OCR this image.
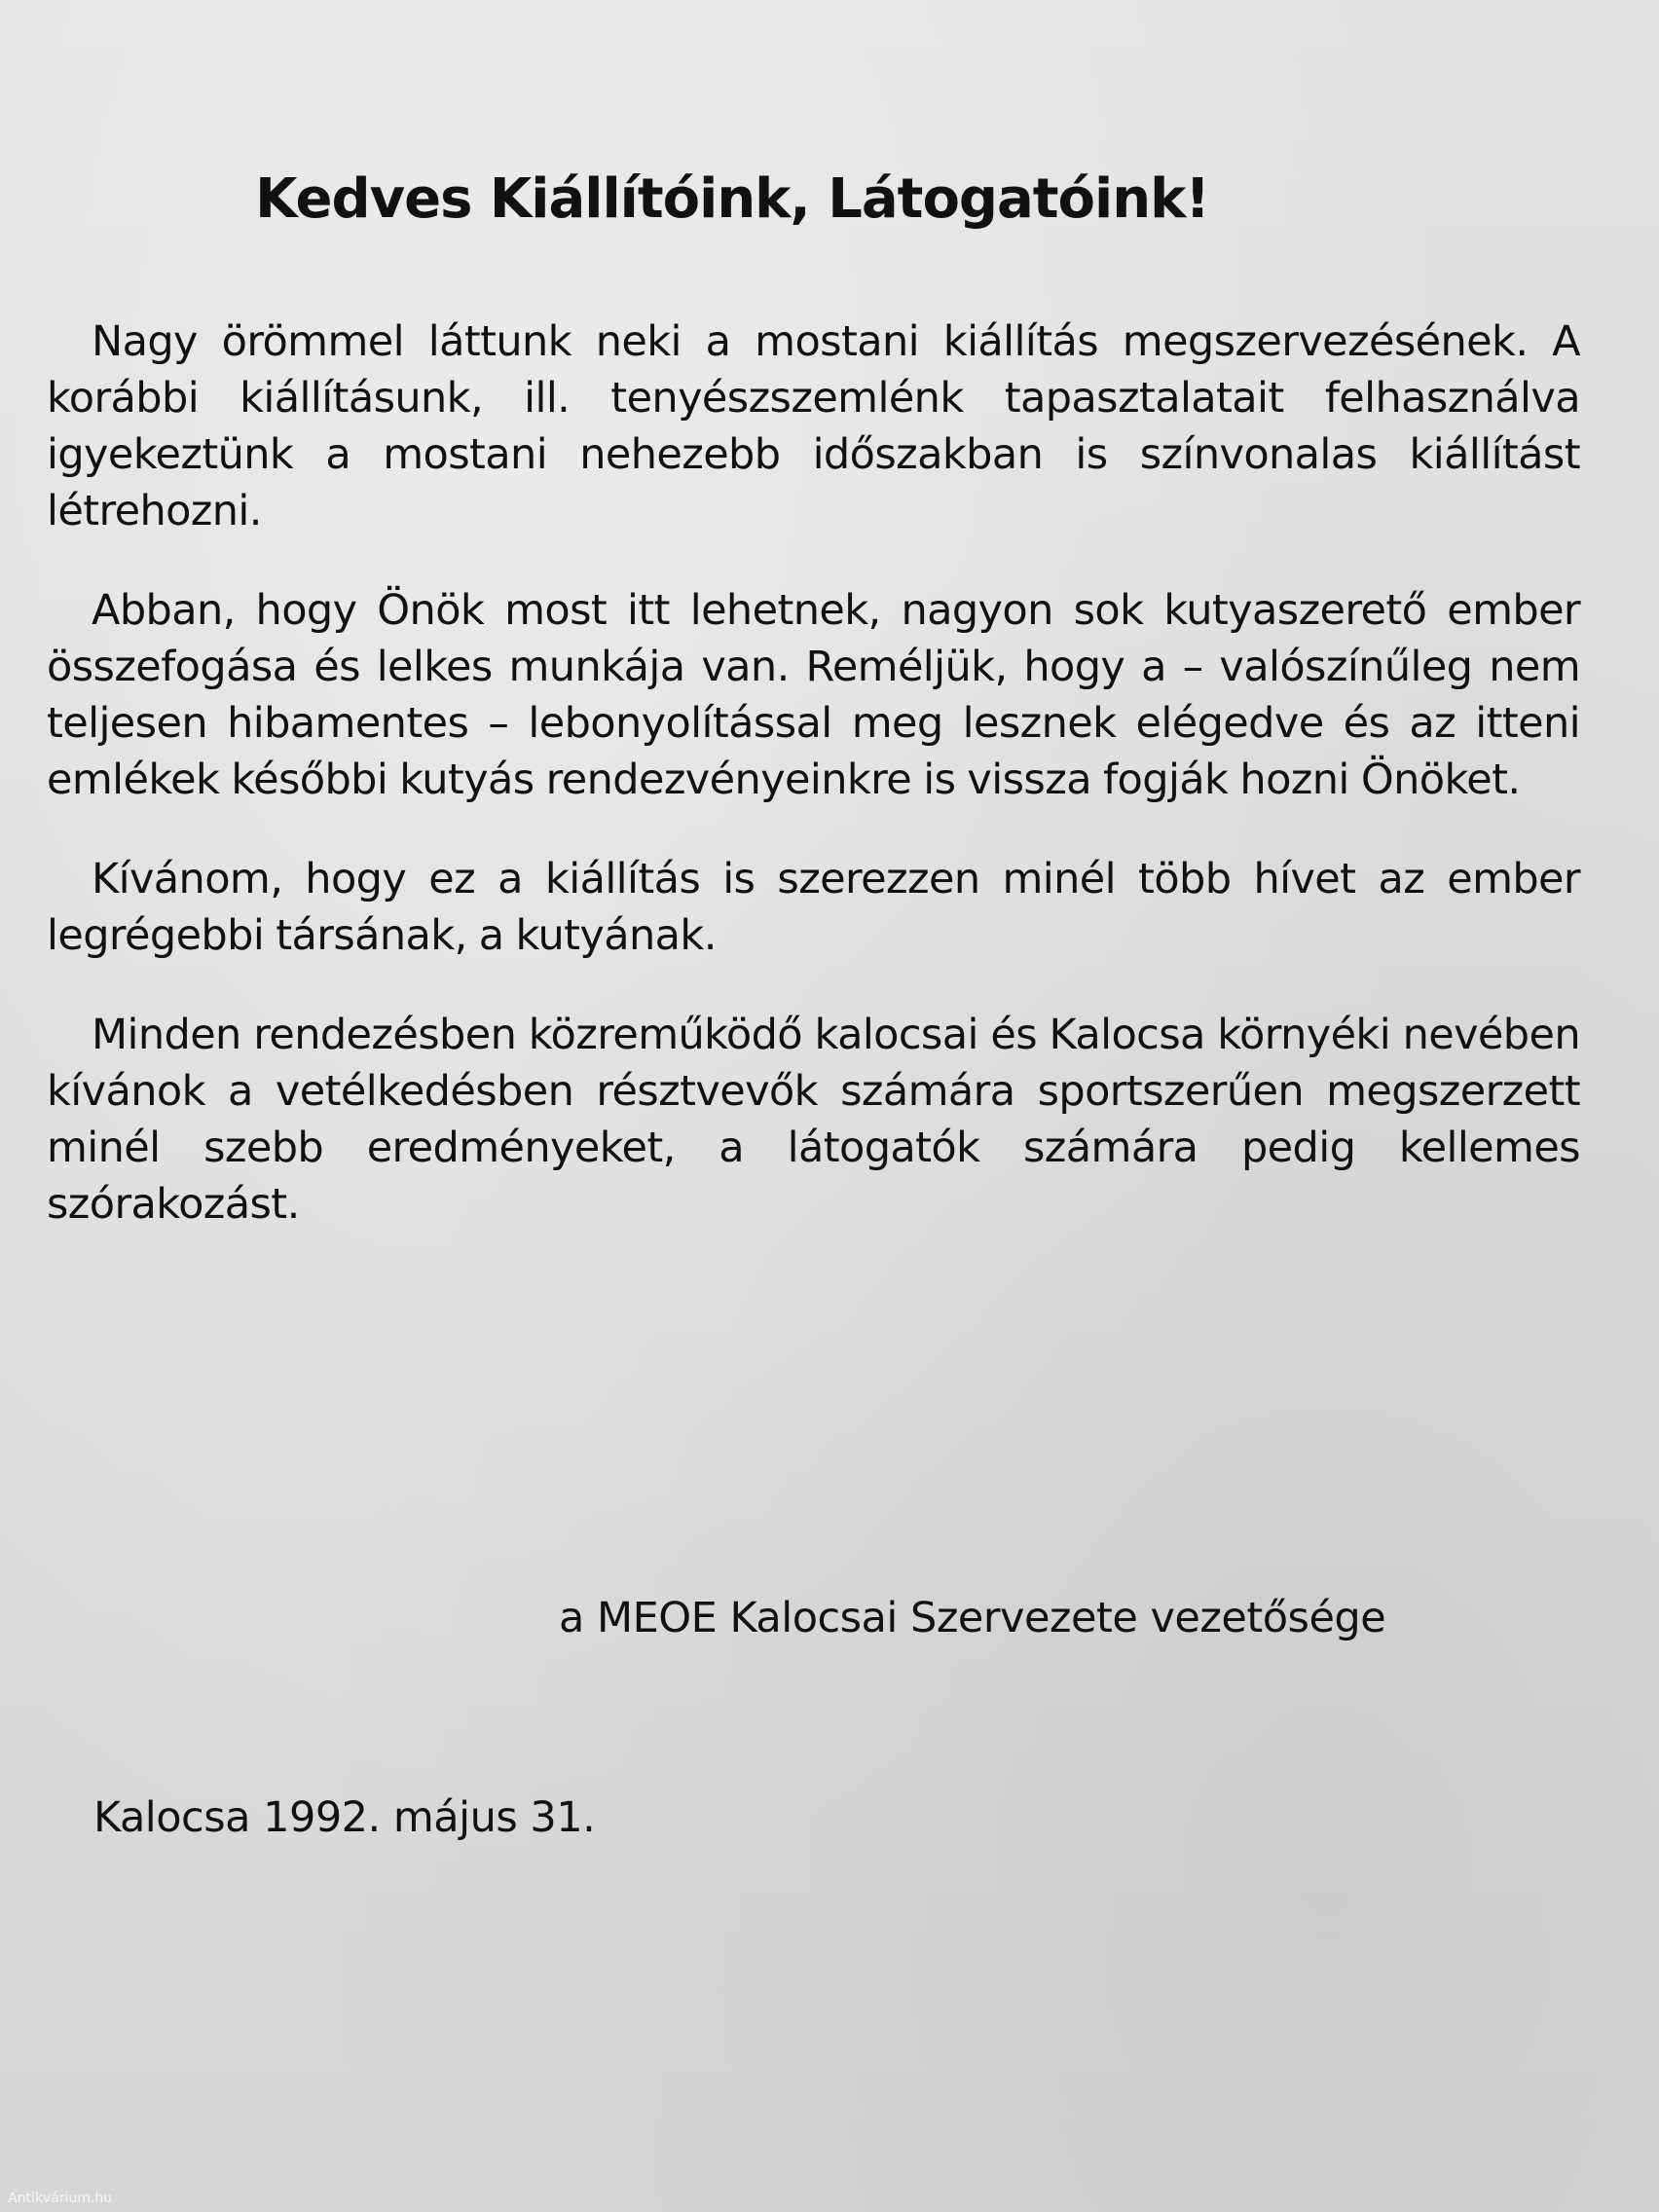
Kedves Kiállítóink, Látogatóink!

Nagy örömmel láttunk neki a mostani kiállítás megszervezésének. A korábbi kiállításunk, ill. tenyészszemlénk tapasztalatait felhasználva igyekeztünk a mostani nehezebb időszakban is színvonalas kiállítást létrehozni.

Abban, hogy Önök most itt lehetnek, nagyon sok kutyaszerető ember összefogása és lelkes munkája van. Reméljük, hogy a – valószínűleg nem teljesen hibamentes – lebonyolítással meg lesznek elégedve és az itteni emlékek későbbi kutyás rendezvényeinkre is vissza fogják hozni Önöket.

Kívánom, hogy ez a kiállítás is szerezzen minél több hívet az ember legrégebbi társának, a kutyának.

Minden rendezésben közreműködő kalocsai és Kalocsa környéki nevében kívánok a vetélkedésben résztvevők számára sportszerűen megszerzett minél szebb eredményeket, a látogatók számára pedig kellemes szórakozást.

a MEOE Kalocsai Szervezete vezetősége

Kalocsa 1992. május 31.

Antikvárium.hu
